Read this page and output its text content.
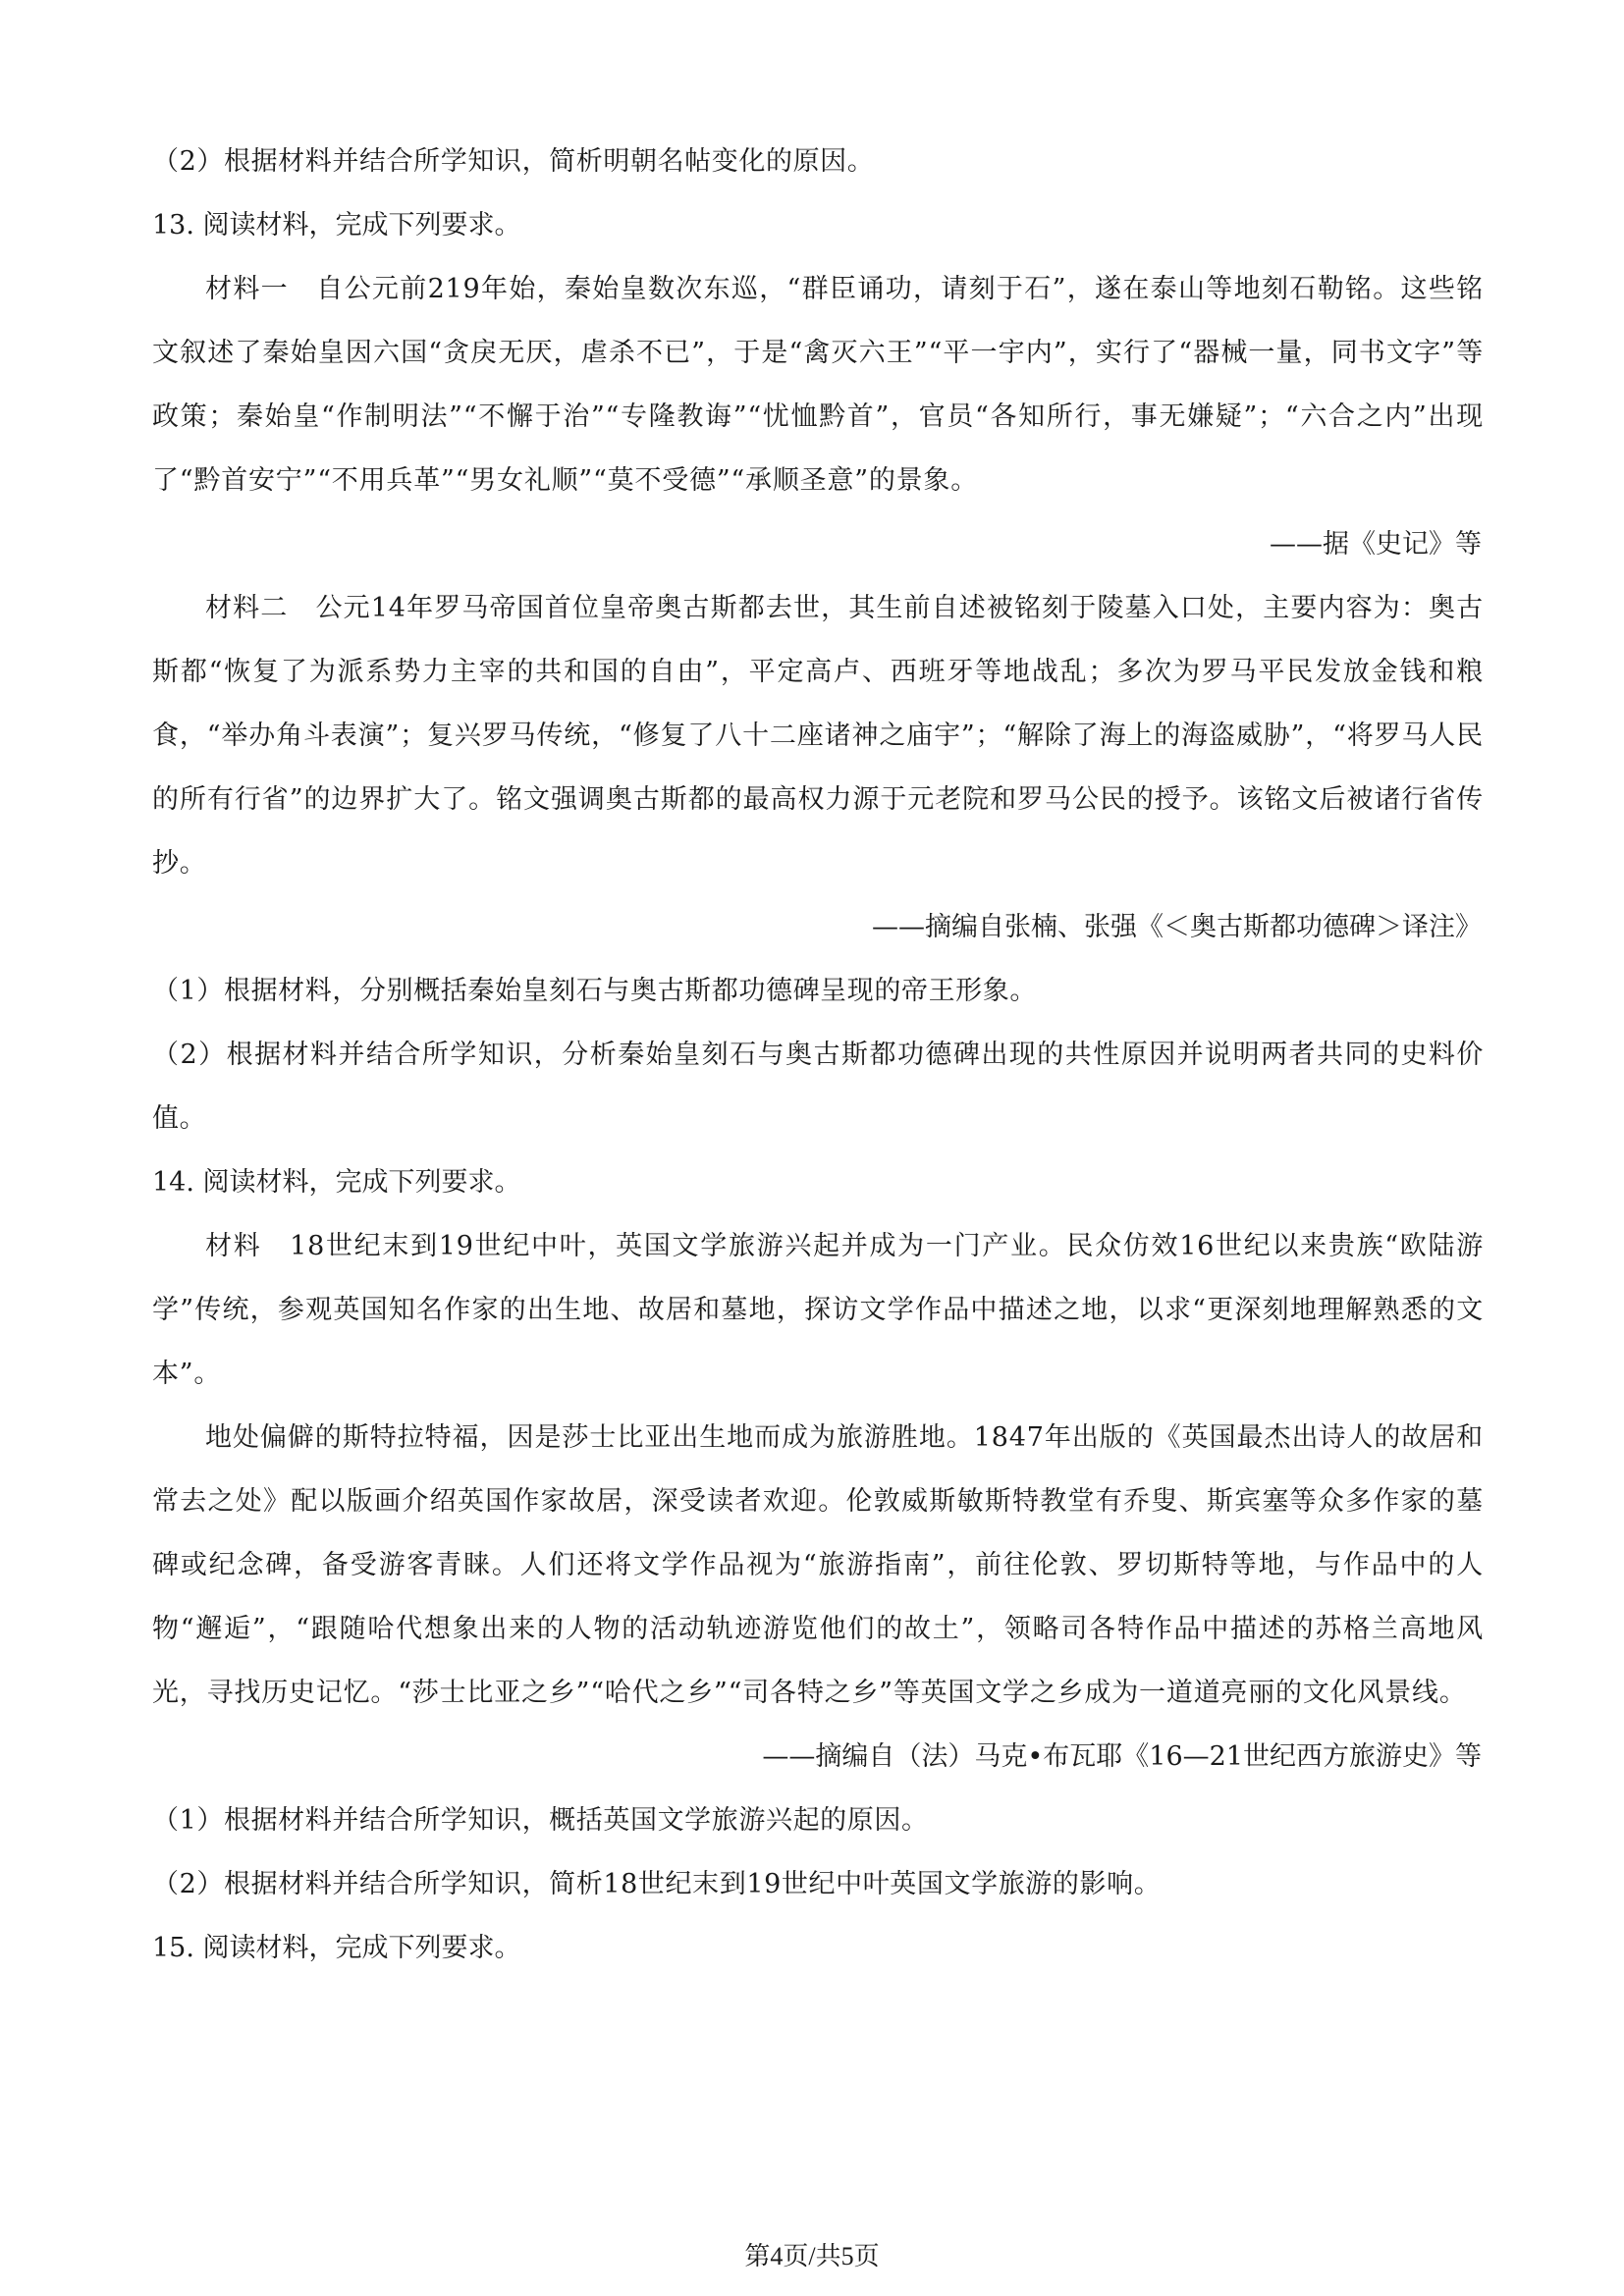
（2）根据材料并结合所学知识，简析明朝名帖变化的原因。

13. 阅读材料，完成下列要求。

材料一　自公元前219年始，秦始皇数次东巡，“群臣诵功，请刻于石”，遂在泰山等地刻石勒铭。这些铭文叙述了秦始皇因六国“贪戾无厌，虐杀不已”，于是“禽灭六王”“平一宇内”，实行了“器械一量，同书文字”等政策；秦始皇“作制明法”“不懈于治”“专隆教诲”“忧恤黔首”，官员“各知所行，事无嫌疑”；“六合之内”出现了“黔首安宁”“不用兵革”“男女礼顺”“莫不受德”“承顺圣意”的景象。

——据《史记》等

材料二　公元14年罗马帝国首位皇帝奥古斯都去世，其生前自述被铭刻于陵墓入口处，主要内容为：奥古斯都“恢复了为派系势力主宰的共和国的自由”，平定高卢、西班牙等地战乱；多次为罗马平民发放金钱和粮食，“举办角斗表演”；复兴罗马传统，“修复了八十二座诸神之庙宇”；“解除了海上的海盗威胁”，“将罗马人民的所有行省”的边界扩大了。铭文强调奥古斯都的最高权力源于元老院和罗马公民的授予。该铭文后被诸行省传抄。

——摘编自张楠、张强《＜奥古斯都功德碑＞译注》

（1）根据材料，分别概括秦始皇刻石与奥古斯都功德碑呈现的帝王形象。

（2）根据材料并结合所学知识，分析秦始皇刻石与奥古斯都功德碑出现的共性原因并说明两者共同的史料价值。

14. 阅读材料，完成下列要求。

材料　18世纪末到19世纪中叶，英国文学旅游兴起并成为一门产业。民众仿效16世纪以来贵族“欧陆游学”传统，参观英国知名作家的出生地、故居和墓地，探访文学作品中描述之地，以求“更深刻地理解熟悉的文本”。

地处偏僻的斯特拉特福，因是莎士比亚出生地而成为旅游胜地。1847年出版的《英国最杰出诗人的故居和常去之处》配以版画介绍英国作家故居，深受读者欢迎。伦敦威斯敏斯特教堂有乔叟、斯宾塞等众多作家的墓碑或纪念碑，备受游客青睐。人们还将文学作品视为“旅游指南”，前往伦敦、罗切斯特等地，与作品中的人物“邂逅”，“跟随哈代想象出来的人物的活动轨迹游览他们的故土”，领略司各特作品中描述的苏格兰高地风光，寻找历史记忆。“莎士比亚之乡”“哈代之乡”“司各特之乡”等英国文学之乡成为一道道亮丽的文化风景线。

——摘编自（法）马克•布瓦耶《16—21世纪西方旅游史》等

（1）根据材料并结合所学知识，概括英国文学旅游兴起的原因。

（2）根据材料并结合所学知识，简析18世纪末到19世纪中叶英国文学旅游的影响。

15. 阅读材料，完成下列要求。

第4页/共5页
